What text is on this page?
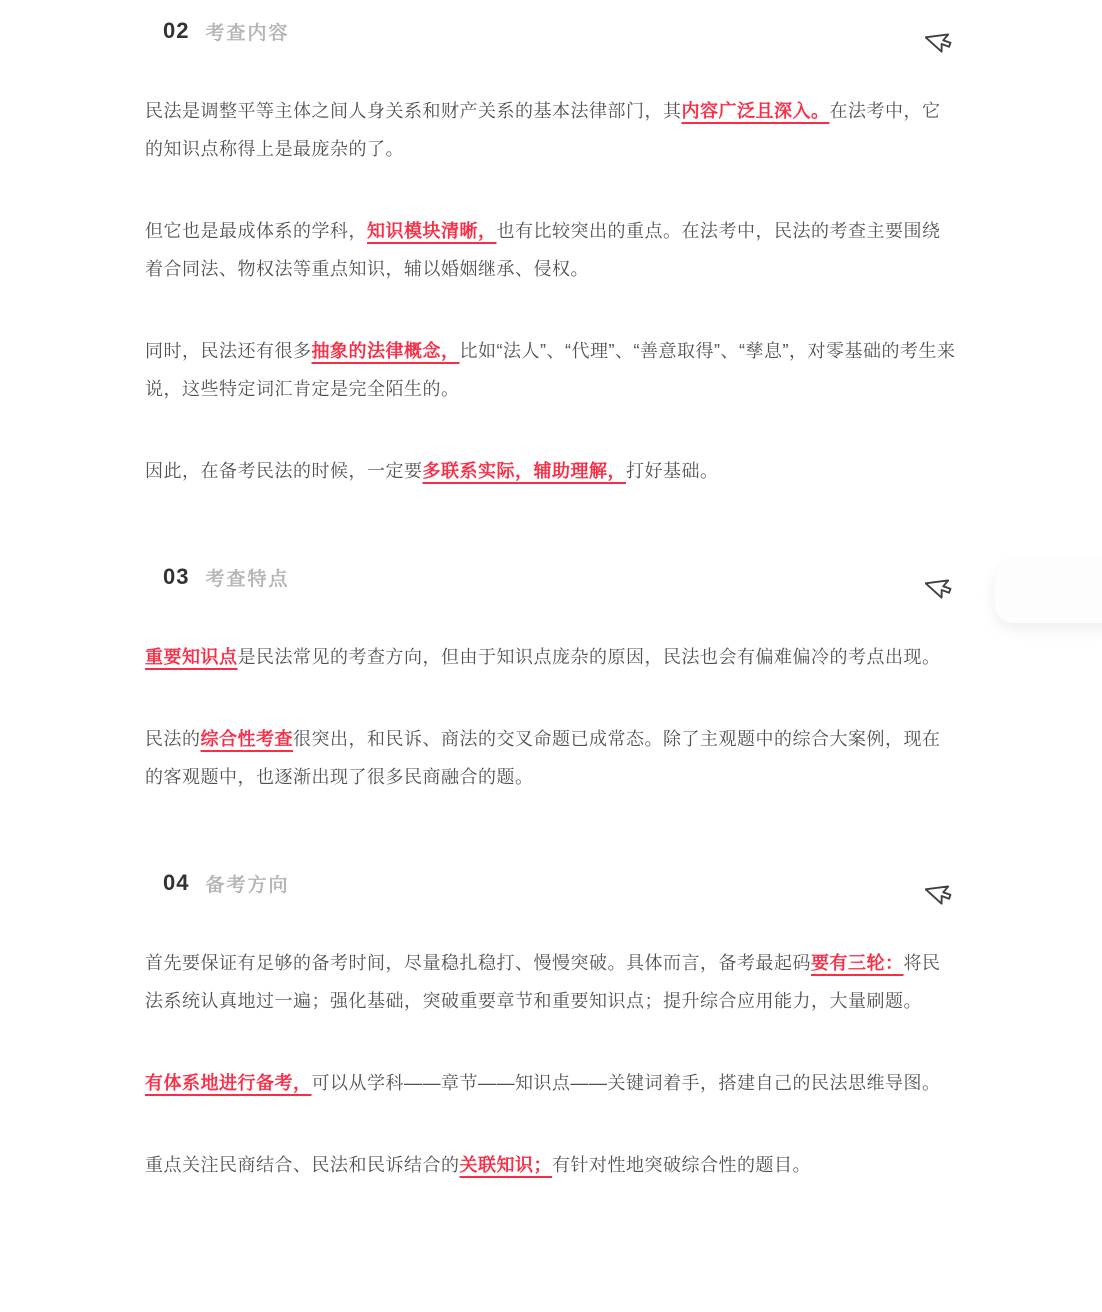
02 考查内容

民法是调整平等主体之间人身关系和财产关系的基本法律部门，其内容广泛且深入。在法考中，它的知识点称得上是最庞杂的了。

但它也是最成体系的学科，知识模块清晰，也有比较突出的重点。在法考中，民法的考查主要围绕着合同法、物权法等重点知识，辅以婚姻继承、侵权。

同时，民法还有很多抽象的法律概念，比如“法人”、“代理”、“善意取得”、“孳息”，对零基础的考生来说，这些特定词汇肯定是完全陌生的。

因此，在备考民法的时候，一定要多联系实际，辅助理解，打好基础。

03 考查特点

重要知识点是民法常见的考查方向，但由于知识点庞杂的原因，民法也会有偏难偏冷的考点出现。

民法的综合性考查很突出，和民诉、商法的交叉命题已成常态。除了主观题中的综合大案例，现在的客观题中，也逐渐出现了很多民商融合的题。

04 备考方向

首先要保证有足够的备考时间，尽量稳扎稳打、慢慢突破。具体而言，备考最起码要有三轮：将民法系统认真地过一遍；强化基础，突破重要章节和重要知识点；提升综合应用能力，大量刷题。

有体系地进行备考，可以从学科——章节——知识点——关键词着手，搭建自己的民法思维导图。

重点关注民商结合、民法和民诉结合的关联知识；有针对性地突破综合性的题目。
